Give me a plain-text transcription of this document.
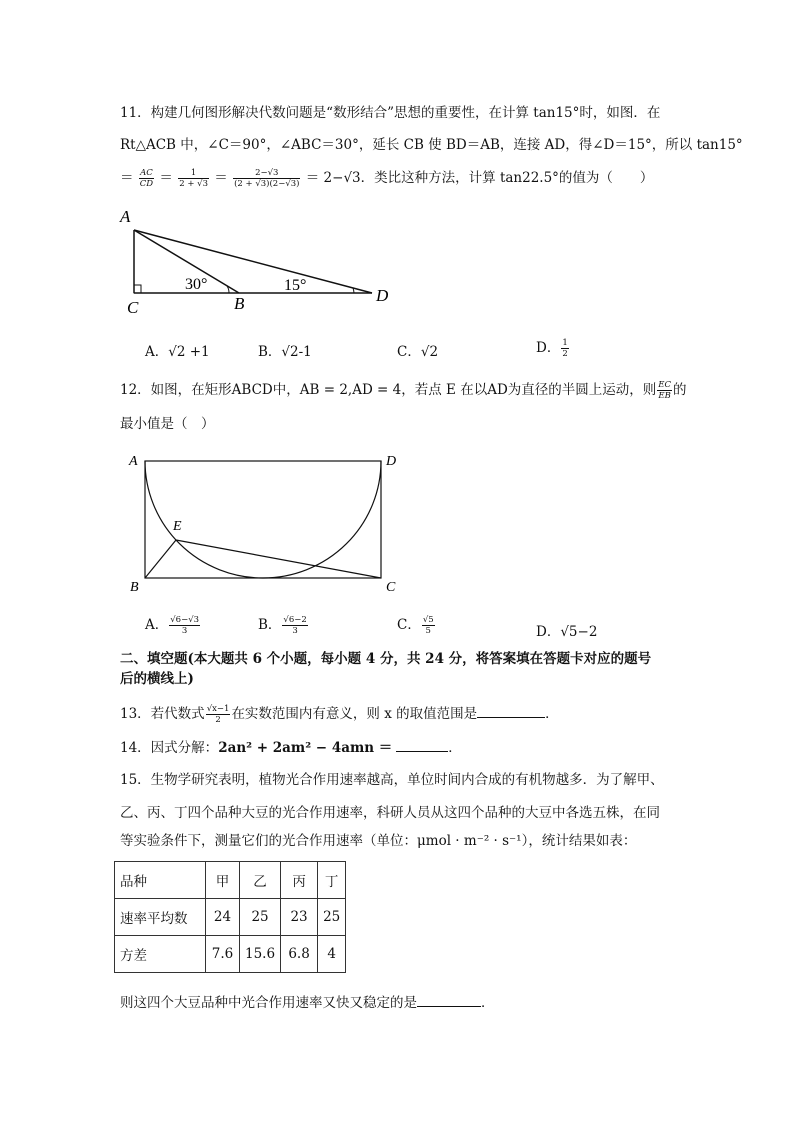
11．构建几何图形解决代数问题是“数形结合”思想的重要性，在计算 tan15°时，如图．在
Rt△ACB 中，∠C＝90°，∠ABC＝30°，延长 CB 使 BD＝AB，连接 AD，得∠D＝15°，所以 tan15°
＝ $\frac{AC}{CD} = \frac{1}{2 + √3} = \frac{2-√3}{(2 + √3)(2-√3)} = 2-√3$．类比这种方法，计算 tan22.5°的值为（　　）
A
C	B	D
30°	15°
A．√2 +1	B．√2-1	C．√2	D． $\frac{1}{2}$
12．如图，在矩形ABCD中，AB = 2,AD = 4，若点 E 在以AD为直径的半圆上运动，则 $\frac{EC}{EB}$ 的
最小值是（　）
A	D
B	C
E
A． $\frac{√6-√3}{3}$	B． $\frac{√6-2}{3}$	C． $\frac{√5}{5}$	D．√5−2
二、填空题(本大题共 6 个小题，每小题 4 分，共 24 分，将答案填在答题卡对应的题号
后的横线上)
13．若代数式 $\frac{√x-1}{2}$ 在实数范围内有意义，则 x 的取值范围是	．
14．因式分解：2an² + 2am² − 4amn ＝	．
15．生物学研究表明，植物光合作用速率越高，单位时间内合成的有机物越多．为了解甲、
乙、丙、丁四个品种大豆的光合作用速率，科研人员从这四个品种的大豆中各选五株，在同
等实验条件下，测量它们的光合作用速率（单位：μmol · m⁻² · s⁻¹），统计结果如表：
品种	甲	乙	丙	丁
速率平均数	24	25	23	25
方差	7.6	15.6	6.8	4
则这四个大豆品种中光合作用速率又快又稳定的是	．
